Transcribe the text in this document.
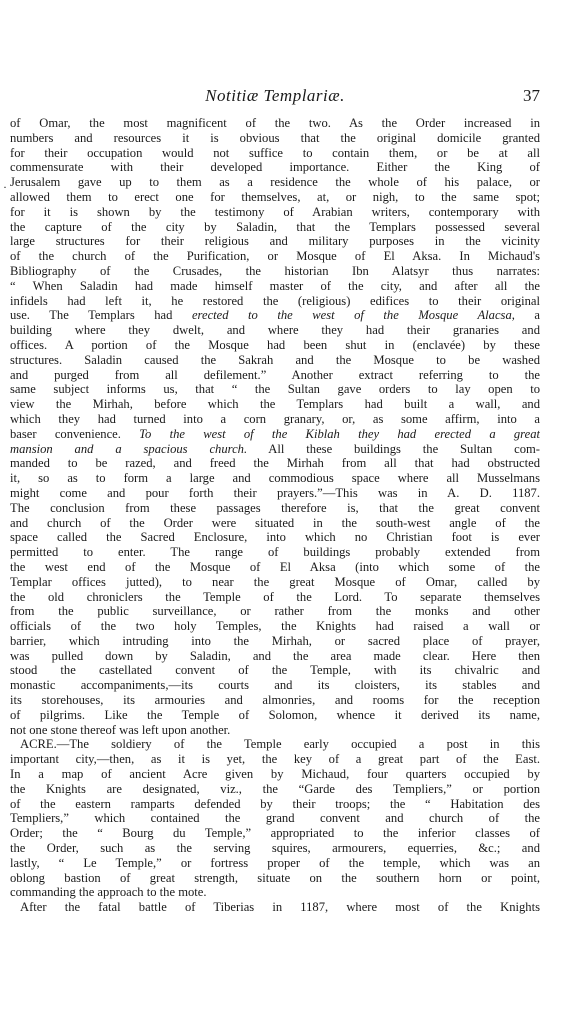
Notitiæ Templariæ.	37
·
of Omar, the most magnificent of the two. As the Order increased in
numbers and resources it is obvious that the original domicile granted
for their occupation would not suffice to contain them, or be at all
commensurate with their developed importance. Either the King of
Jerusalem gave up to them as a residence the whole of his palace, or
allowed them to erect one for themselves, at, or nigh, to the same spot;
for it is shown by the testimony of Arabian writers, contemporary with
the capture of the city by Saladin, that the Templars possessed several
large structures for their religious and military purposes in the vicinity
of the church of the Purification, or Mosque of El Aksa. In Michaud's
Bibliography of the Crusades, the historian Ibn Alatsyr thus narrates:
“ When Saladin had made himself master of the city, and after all the
infidels had left it, he restored the (religious) edifices to their original
use. The Templars had erected to the west of the Mosque Alacsa, a
building where they dwelt, and where they had their granaries and
offices. A portion of the Mosque had been shut in (enclavée) by these
structures. Saladin caused the Sakrah and the Mosque to be washed
and purged from all defilement.” Another extract referring to the
same subject informs us, that “ the Sultan gave orders to lay open to
view the Mirhah, before which the Templars had built a wall, and
which they had turned into a corn granary, or, as some affirm, into a
baser convenience. To the west of the Kiblah they had erected a great
mansion and a spacious church. All these buildings the Sultan com-
manded to be razed, and freed the Mirhah from all that had obstructed
it, so as to form a large and commodious space where all Musselmans
might come and pour forth their prayers.”—This was in A. D. 1187.
The conclusion from these passages therefore is, that the great convent
and church of the Order were situated in the south-west angle of the
space called the Sacred Enclosure, into which no Christian foot is ever
permitted to enter. The range of buildings probably extended from
the west end of the Mosque of El Aksa (into which some of the
Templar offices jutted), to near the great Mosque of Omar, called by
the old chroniclers the Temple of the Lord. To separate themselves
from the public surveillance, or rather from the monks and other
officials of the two holy Temples, the Knights had raised a wall or
barrier, which intruding into the Mirhah, or sacred place of prayer,
was pulled down by Saladin, and the area made clear. Here then
stood the castellated convent of the Temple, with its chivalric and
monastic accompaniments,—its courts and its cloisters, its stables and
its storehouses, its armouries and almonries, and rooms for the reception
of pilgrims. Like the Temple of Solomon, whence it derived its name,
not one stone thereof was left upon another.
ACRE.—The soldiery of the Temple early occupied a post in this
important city,—then, as it is yet, the key of a great part of the East.
In a map of ancient Acre given by Michaud, four quarters occupied by
the Knights are designated, viz., the “Garde des Templiers,” or portion
of the eastern ramparts defended by their troops; the “ Habitation des
Templiers,” which contained the grand convent and church of the
Order; the “ Bourg du Temple,” appropriated to the inferior classes of
the Order, such as the serving squires, armourers, equerries, &c.; and
lastly, “ Le Temple,” or fortress proper of the temple, which was an
oblong bastion of great strength, situate on the southern horn or point,
commanding the approach to the mote.
After the fatal battle of Tiberias in 1187, where most of the Knights
